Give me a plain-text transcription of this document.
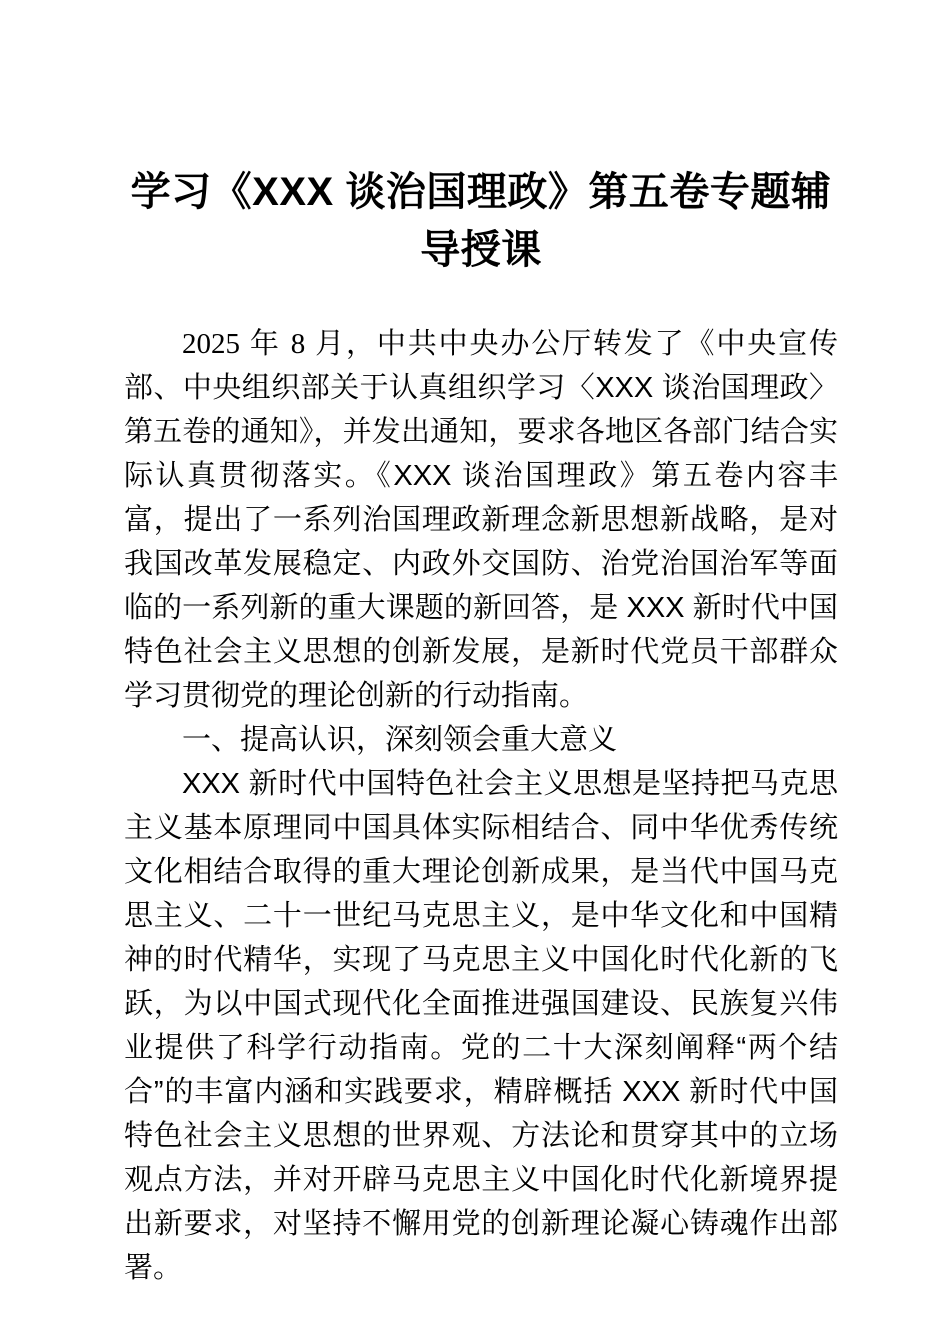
学习《XXX 谈治国理政》第五卷专题辅导授课

2025 年 8 月，中共中央办公厅转发了《中央宣传部、中央组织部关于认真组织学习〈XXX 谈治国理政〉第五卷的通知》，并发出通知，要求各地区各部门结合实际认真贯彻落实。《XXX 谈治国理政》第五卷内容丰富，提出了一系列治国理政新理念新思想新战略，是对我国改革发展稳定、内政外交国防、治党治国治军等面临的一系列新的重大课题的新回答，是 XXX 新时代中国特色社会主义思想的创新发展，是新时代党员干部群众学习贯彻党的理论创新的行动指南。

一、提高认识，深刻领会重大意义

XXX 新时代中国特色社会主义思想是坚持把马克思主义基本原理同中国具体实际相结合、同中华优秀传统文化相结合取得的重大理论创新成果，是当代中国马克思主义、二十一世纪马克思主义，是中华文化和中国精神的时代精华，实现了马克思主义中国化时代化新的飞跃，为以中国式现代化全面推进强国建设、民族复兴伟业提供了科学行动指南。党的二十大深刻阐释“两个结合”的丰富内涵和实践要求，精辟概括 XXX 新时代中国特色社会主义思想的世界观、方法论和贯穿其中的立场观点方法，并对开辟马克思主义中国化时代化新境界提出新要求，对坚持不懈用党的创新理论凝心铸魂作出部署。
